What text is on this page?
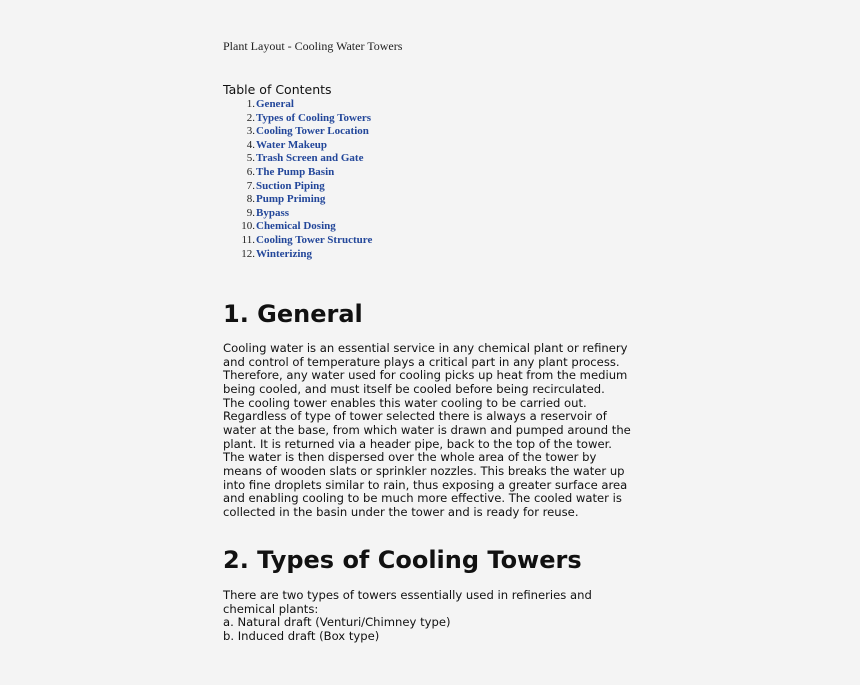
Plant Layout - Cooling Water Towers
Table of Contents
1. General
2. Types of Cooling Towers
3. Cooling Tower Location
4. Water Makeup
5. Trash Screen and Gate
6. The Pump Basin
7. Suction Piping
8. Pump Priming
9. Bypass
10. Chemical Dosing
11. Cooling Tower Structure
12. Winterizing
1. General
Cooling water is an essential service in any chemical plant or refinery
and control of temperature plays a critical part in any plant process.
Therefore, any water used for cooling picks up heat from the medium
being cooled, and must itself be cooled before being recirculated.
The cooling tower enables this water cooling to be carried out.
Regardless of type of tower selected there is always a reservoir of
water at the base, from which water is drawn and pumped around the
plant. It is returned via a header pipe, back to the top of the tower.
The water is then dispersed over the whole area of the tower by
means of wooden slats or sprinkler nozzles. This breaks the water up
into fine droplets similar to rain, thus exposing a greater surface area
and enabling cooling to be much more effective. The cooled water is
collected in the basin under the tower and is ready for reuse.
2. Types of Cooling Towers
There are two types of towers essentially used in refineries and
chemical plants:
a. Natural draft (Venturi/Chimney type)
b. Induced draft (Box type)
